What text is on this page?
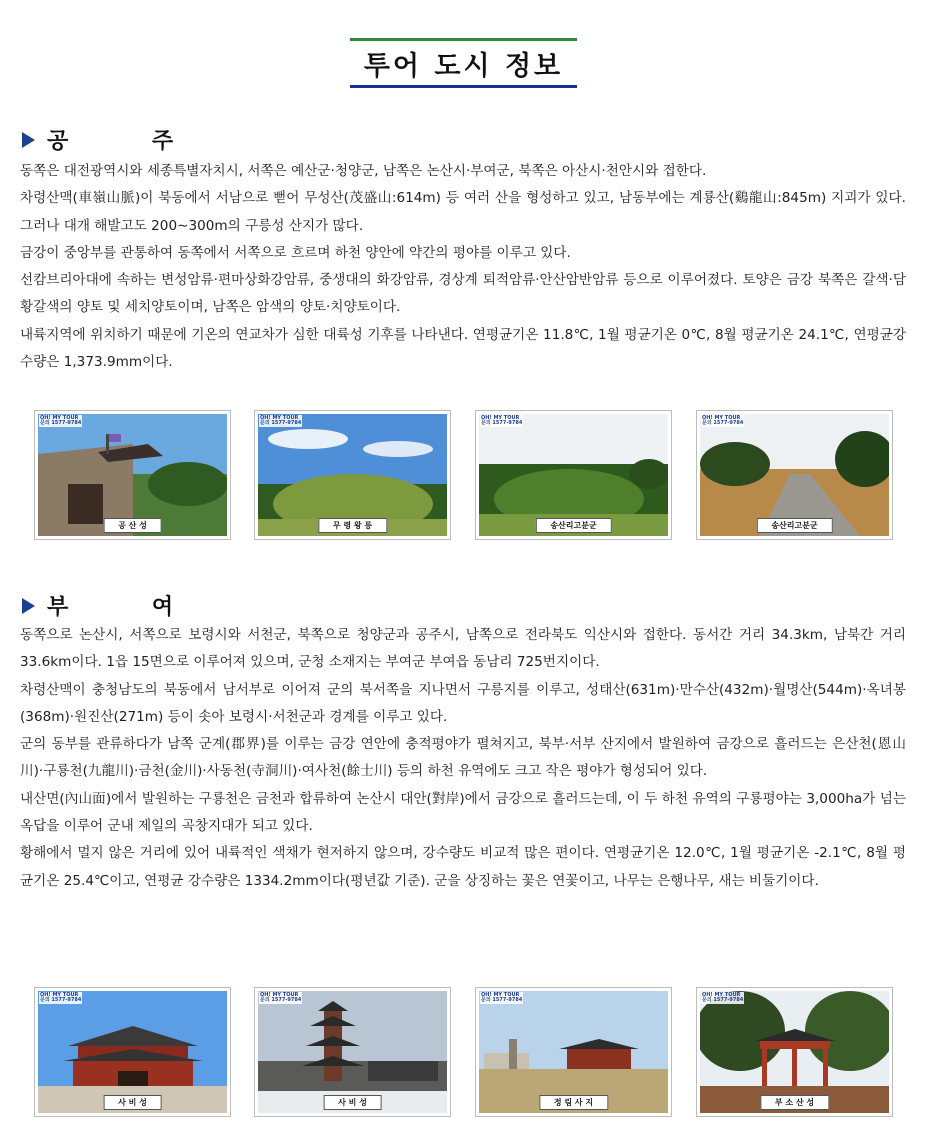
투어 도시 정보
공 주
동쪽은 대전광역시와 세종특별자치시, 서쪽은 예산군·청양군, 남쪽은 논산시·부여군, 북쪽은 아산시·천안시와 접한다.
차령산맥(車嶺山脈)이 북동에서 서남으로 뻗어 무성산(茂盛山:614m) 등 여러 산을 형성하고 있고, 남동부에는 계룡산(鷄龍山:845m) 지괴가 있다. 그러나 대개 해발고도 200∼300m의 구릉성 산지가 많다.
금강이 중앙부를 관통하여 동쪽에서 서쪽으로 흐르며 하천 양안에 약간의 평야를 이루고 있다.
선캄브리아대에 속하는 변성암류·편마상화강암류, 중생대의 화강암류, 경상계 퇴적암류·안산암반암류 등으로 이루어졌다. 토양은 금강 북쪽은 갈색·담황갈색의 양토 및 세치양토이며, 남쪽은 암색의 양토·치양토이다.
내륙지역에 위치하기 때문에 기온의 연교차가 심한 대륙성 기후를 나타낸다. 연평균기온 11.8℃, 1월 평균기온 0℃, 8월 평균기온 24.1℃, 연평균강수량은 1,373.9mm이다.
OH! MY TOUR
문의 1577-9784
공 산 성
OH! MY TOUR
문의 1577-9784
무 령 왕 릉
OH! MY TOUR
문의 1577-9784
송산리고분군
OH! MY TOUR
문의 1577-9784
송산리고분군
부 여
동쪽으로 논산시, 서쪽으로 보령시와 서천군, 북쪽으로 청양군과 공주시, 남쪽으로 전라북도 익산시와 접한다. 동서간 거리 34.3km, 남북간 거리 33.6km이다. 1읍 15면으로 이루어져 있으며, 군청 소재지는 부여군 부여읍 동남리 725번지이다.
차령산맥이 충청남도의 북동에서 남서부로 이어져 군의 북서쪽을 지나면서 구릉지를 이루고, 성태산(631m)·만수산(432m)·월명산(544m)·옥녀봉(368m)·원진산(271m) 등이 솟아 보령시·서천군과 경계를 이루고 있다.
군의 동부를 관류하다가 남쪽 군계(郡界)를 이루는 금강 연안에 충적평야가 펼쳐지고, 북부·서부 산지에서 발원하여 금강으로 흘러드는 은산천(恩山川)·구룡천(九龍川)·금천(金川)·사동천(寺洞川)·여사천(餘士川) 등의 하천 유역에도 크고 작은 평야가 형성되어 있다.
내산면(內山面)에서 발원하는 구룡천은 금천과 합류하여 논산시 대안(對岸)에서 금강으로 흘러드는데, 이 두 하천 유역의 구룡평야는 3,000ha가 넘는 옥답을 이루어 군내 제일의 곡창지대가 되고 있다.
황해에서 멀지 않은 거리에 있어 내륙적인 색채가 현저하지 않으며, 강수량도 비교적 많은 편이다. 연평균기온 12.0℃, 1월 평균기온 -2.1℃, 8월 평균기온 25.4℃이고, 연평균 강수량은 1334.2mm이다(평년값 기준). 군을 상징하는 꽃은 연꽃이고, 나무는 은행나무, 새는 비둘기이다.
OH! MY TOUR
문의 1577-9784
사 비 성
OH! MY TOUR
문의 1577-9784
사 비 성
OH! MY TOUR
문의 1577-9784
정 림 사 지
OH! MY TOUR
문의 1577-9784
부 소 산 성
